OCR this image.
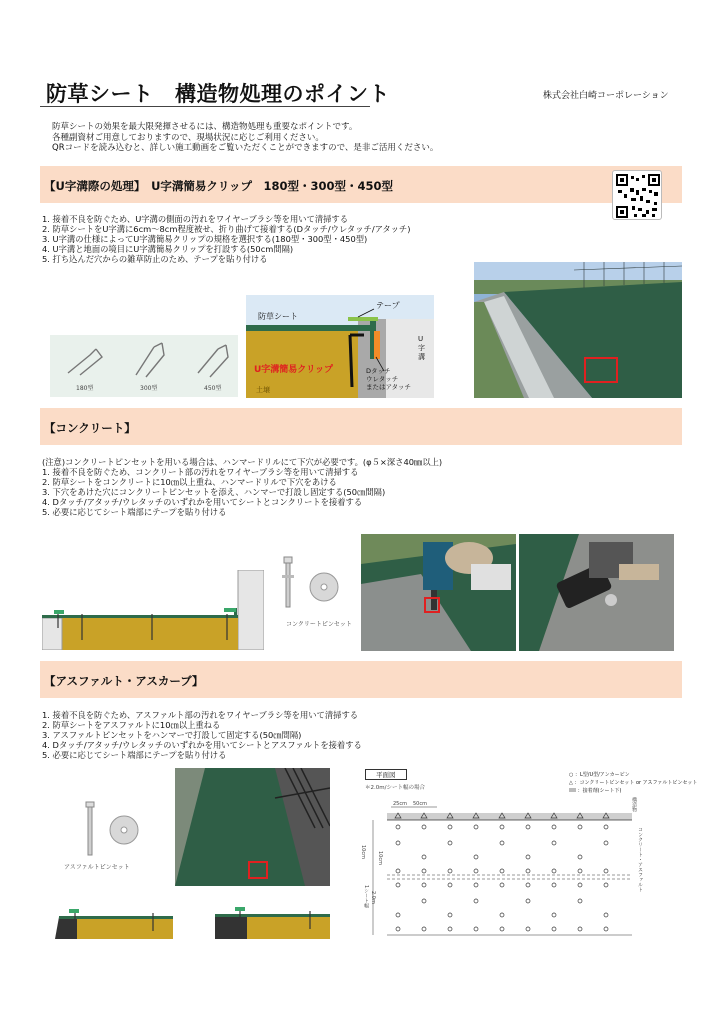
防草シート　構造物処理のポイント	株式会社白崎コーポレーション
防草シートの効果を最大限発揮させるには、構造物処理も重要なポイントです。
各種副資材ご用意しておりますので、現場状況に応じご利用ください。
QRコードを読み込むと、詳しい施工動画をご覧いただくことができますので、是非ご活用ください。
【U字溝際の処理】　U字溝簡易クリップ　180型・300型・450型
1. 接着不良を防ぐため、U字溝の側面の汚れをワイヤーブラシ等を用いて清掃する
2. 防草シートをU字溝に6cm～8cm程度被せ、折り曲げて接着する(Dタッチ/ウレタッチ/アタッチ)
3. U字溝の仕様によってU字溝簡易クリップの規格を選択する(180型・300型・450型)
4. U字溝と地面の境目にU字溝簡易クリップを打設する(50cm間隔)
5. 打ち込んだ穴からの雑草防止のため、テープを貼り付ける
180型	300型	450型
テープ
防草シート
U字溝簡易クリップ
土壌
U
字
溝
Dタッチ
ウレタッチ
またはアタッチ
【コンクリート】
(注意)コンクリートピンセットを用いる場合は、ハンマードリルにて下穴が必要です。(φ５×深さ40㎜以上)
1. 接着不良を防ぐため、コンクリート部の汚れをワイヤーブラシ等を用いて清掃する
2. 防草シートをコンクリートに10㎝以上重ね、ハンマードリルで下穴をあける
3. 下穴をあけた穴にコンクリートピンセットを添え、ハンマーで打設し固定する(50㎝間隔)
4. Dタッチ/アタッチ/ウレタッチのいずれかを用いてシートとコンクリートを接着する
5. 必要に応じてシート端部にテープを貼り付ける
コンクリートピンセット
【アスファルト・アスカーブ】
1. 接着不良を防ぐため、アスファルト部の汚れをワイヤーブラシ等を用いて清掃する
2. 防草シートをアスファルトに10㎝以上重ねる
3. アスファルトピンセットをハンマーで打設して固定する(50㎝間隔)
4. Dタッチ/アタッチ/ウレタッチのいずれかを用いてシートとアスファルトを接着する
5. 必要に応じてシート端部にテープを貼り付ける
アスファルトピンセット
平面図
＊2.0m/シート幅の場合
○ ：L型/U型/アンカーピン
△ ：コンクリートピンセット or アスファルトピンセット
：接着剤(シート下)
25cm 50cm
10cm 10cm
1シート幅 2.0m
構造物
コンクリート・アスファルト
